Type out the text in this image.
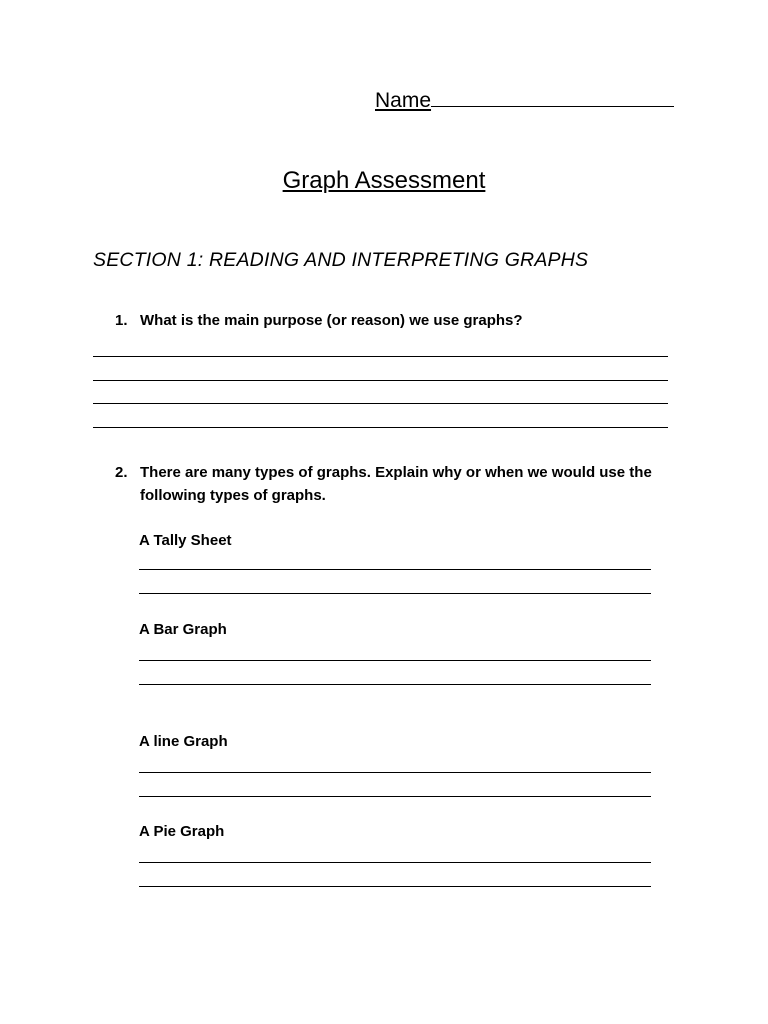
Name
Graph Assessment
SECTION 1: READING AND INTERPRETING GRAPHS
1. What is the main purpose (or reason) we use graphs?
2. There are many types of graphs. Explain why or when we would use the following types of graphs.
A Tally Sheet
A Bar Graph
A line Graph
A Pie Graph
